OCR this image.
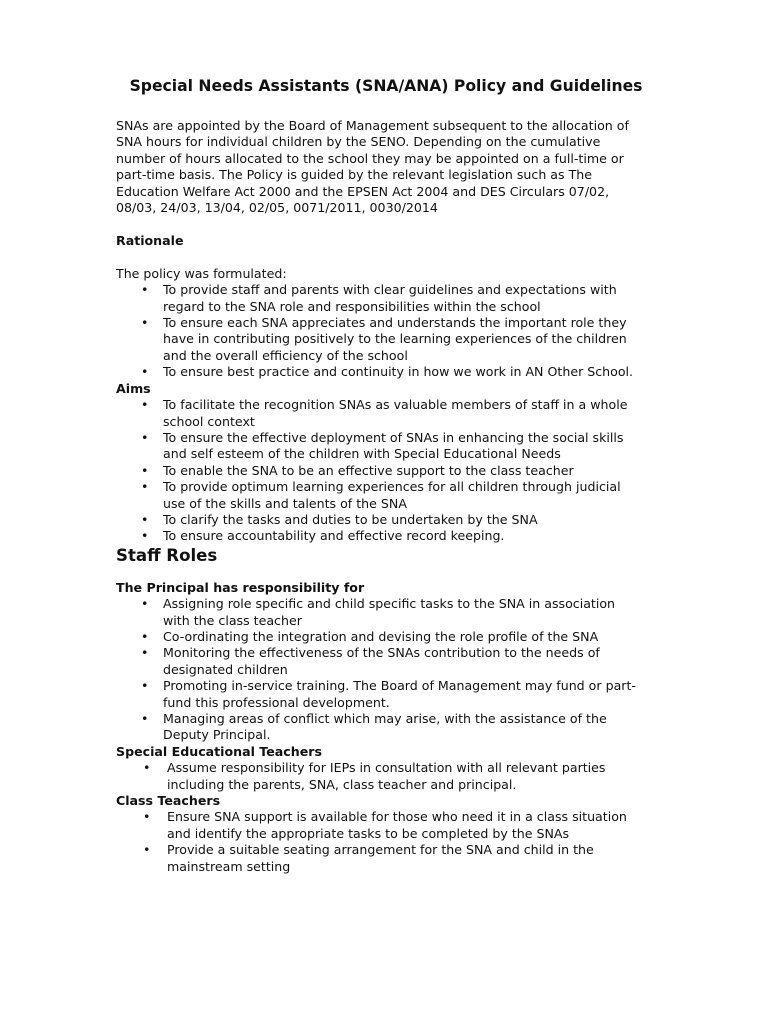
Special Needs Assistants (SNA/ANA) Policy and Guidelines
SNAs are appointed by the Board of Management subsequent to the allocation of
SNA hours for individual children by the SENO. Depending on the cumulative
number of hours allocated to the school they may be appointed on a full-time or
part-time basis. The Policy is guided by the relevant legislation such as The
Education Welfare Act 2000 and the EPSEN Act 2004 and DES Circulars 07/02,
08/03, 24/03, 13/04, 02/05, 0071/2011, 0030/2014
Rationale
The policy was formulated:
• To provide staff and parents with clear guidelines and expectations with
regard to the SNA role and responsibilities within the school
• To ensure each SNA appreciates and understands the important role they
have in contributing positively to the learning experiences of the children
and the overall efficiency of the school
• To ensure best practice and continuity in how we work in AN Other School.
Aims
• To facilitate the recognition SNAs as valuable members of staff in a whole
school context
• To ensure the effective deployment of SNAs in enhancing the social skills
and self esteem of the children with Special Educational Needs
• To enable the SNA to be an effective support to the class teacher
• To provide optimum learning experiences for all children through judicial
use of the skills and talents of the SNA
• To clarify the tasks and duties to be undertaken by the SNA
• To ensure accountability and effective record keeping.
Staff Roles
The Principal has responsibility for
• Assigning role specific and child specific tasks to the SNA in association
with the class teacher
• Co-ordinating the integration and devising the role profile of the SNA
• Monitoring the effectiveness of the SNAs contribution to the needs of
designated children
• Promoting in-service training. The Board of Management may fund or part-
fund this professional development.
• Managing areas of conflict which may arise, with the assistance of the
Deputy Principal.
Special Educational Teachers
• Assume responsibility for IEPs in consultation with all relevant parties
including the parents, SNA, class teacher and principal.
Class Teachers
• Ensure SNA support is available for those who need it in a class situation
and identify the appropriate tasks to be completed by the SNAs
• Provide a suitable seating arrangement for the SNA and child in the
mainstream setting
